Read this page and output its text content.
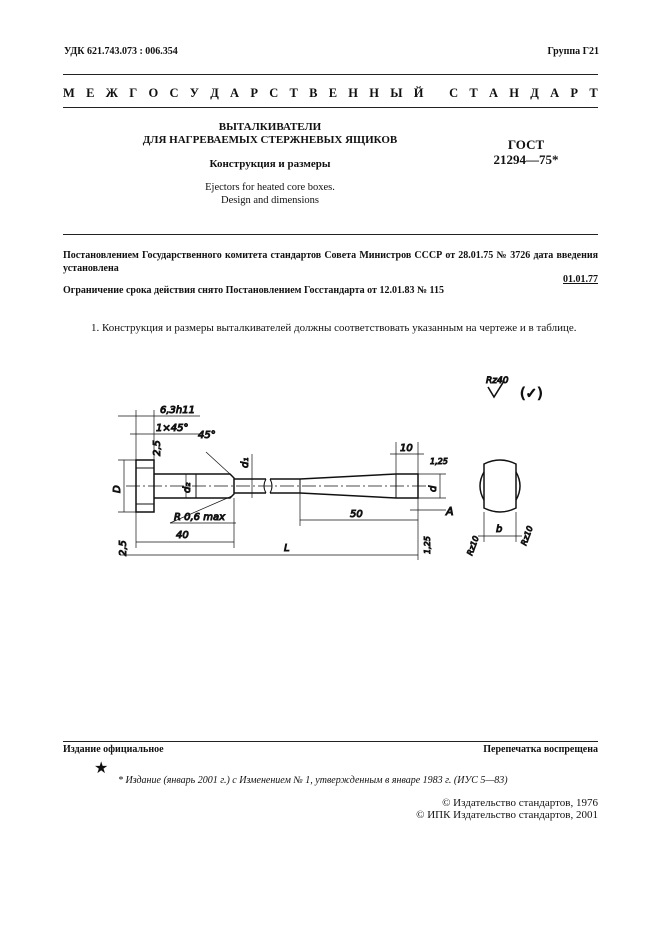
УДК 621.743.073 : 006.354	Группа Г21
М Е Ж Г О С У Д А Р С Т В Е Н Н Ы Й
С Т А Н Д А Р Т
ВЫТАЛКИВАТЕЛИ
ДЛЯ НАГРЕВАЕМЫХ СТЕРЖНЕВЫХ ЯЩИКОВ
Конструкция и размеры
Ejectors for heated core boxes.
Design and dimensions
ГОСТ
21294—75*
Постановлением Государственного комитета стандартов Совета Министров СССР от 28.01.75 № 3726 дата введения установлена
01.01.77
Ограничение срока действия снято Постановлением Госстандарта от 12.01.83 № 115
1. Конструкция и размеры выталкивателей должны соответствовать указанным на чертеже и в таблице.
Rz40
(✓)
6,3h11
1×45°
45°
2,5
D	d₂
d₁
R 0,6 max
40
L
2,5
10
1,25
d
50	A
1,25
b
Rz10	Rz10
Издание официальное	Перепечатка воспрещена
★
* Издание (январь 2001 г.) с Изменением № 1, утвержденным в январе 1983 г. (ИУС 5—83)
© Издательство стандартов, 1976
© ИПК Издательство стандартов, 2001
